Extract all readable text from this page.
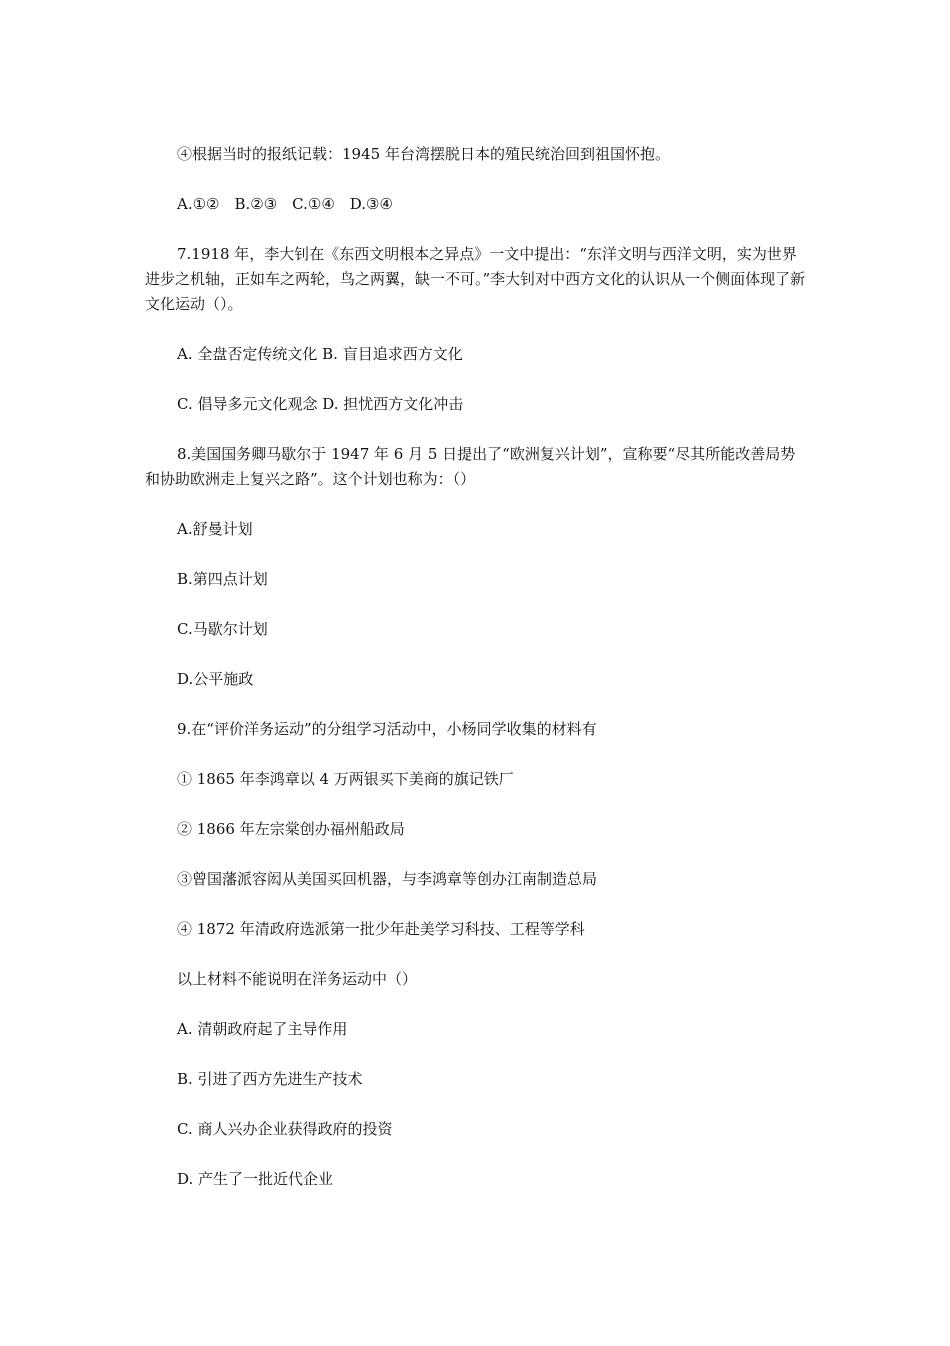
④根据当时的报纸记载：1945 年台湾摆脱日本的殖民统治回到祖国怀抱。
A.①②　B.②③　C.①④　D.③④
7.1918 年，李大钊在《东西文明根本之异点》一文中提出：“东洋文明与西洋文明，实为世界进步之机轴，正如车之两轮，鸟之两翼，缺一不可。”李大钊对中西方文化的认识从一个侧面体现了新文化运动（）。
A. 全盘否定传统文化 B. 盲目追求西方文化
C. 倡导多元文化观念 D. 担忧西方文化冲击
8.美国国务卿马歇尔于 1947 年 6 月 5 日提出了“欧洲复兴计划”，宣称要“尽其所能改善局势和协助欧洲走上复兴之路”。这个计划也称为：（）
A.舒曼计划
B.第四点计划
C.马歇尔计划
D.公平施政
9.在“评价洋务运动”的分组学习活动中，小杨同学收集的材料有
① 1865 年李鸿章以 4 万两银买下美商的旗记铁厂
② 1866 年左宗棠创办福州船政局
③曾国藩派容闳从美国买回机器，与李鸿章等创办江南制造总局
④ 1872 年清政府选派第一批少年赴美学习科技、工程等学科
以上材料不能说明在洋务运动中（）
A. 清朝政府起了主导作用
B. 引进了西方先进生产技术
C. 商人兴办企业获得政府的投资
D. 产生了一批近代企业
